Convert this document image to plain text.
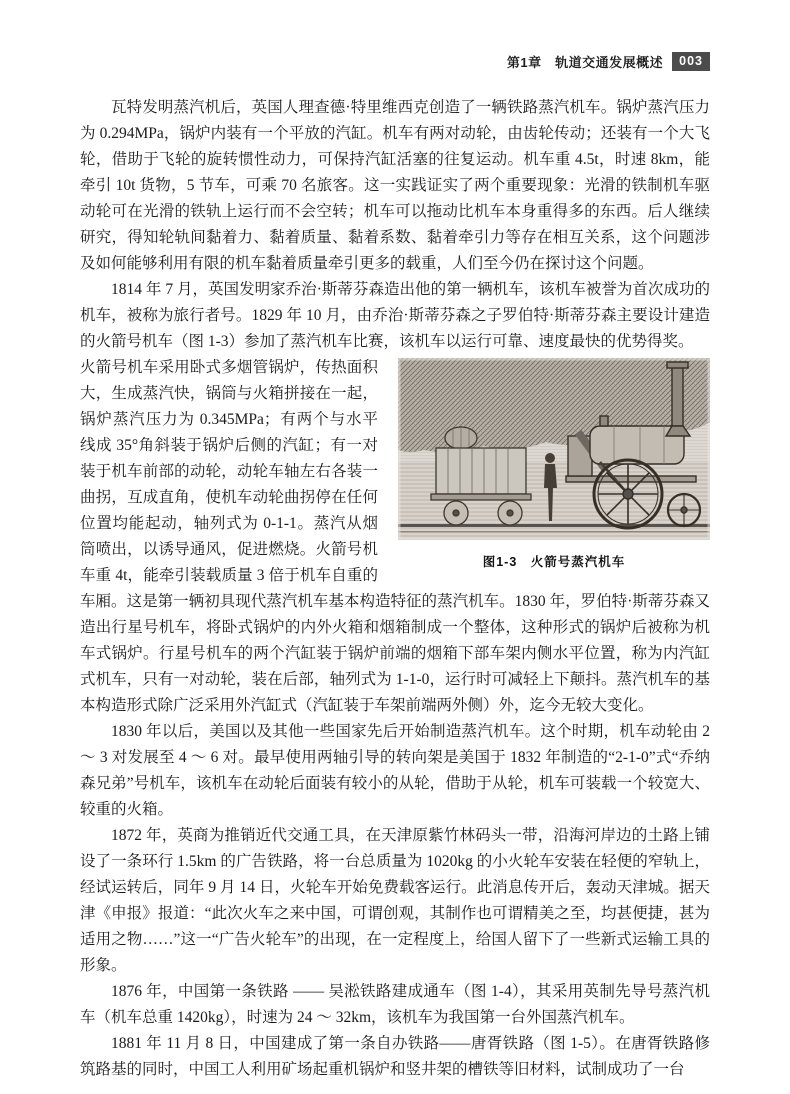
第1章　轨道交通发展概述	003

瓦特发明蒸汽机后，英国人理查德·特里维西克创造了一辆铁路蒸汽机车。锅炉蒸汽压力为 0.294MPa，锅炉内装有一个平放的汽缸。机车有两对动轮，由齿轮传动；还装有一个大飞轮，借助于飞轮的旋转惯性动力，可保持汽缸活塞的往复运动。机车重 4.5t，时速 8km，能牵引 10t 货物，5 节车，可乘 70 名旅客。这一实践证实了两个重要现象：光滑的铁制机车驱动轮可在光滑的铁轨上运行而不会空转；机车可以拖动比机车本身重得多的东西。后人继续研究，得知轮轨间黏着力、黏着质量、黏着系数、黏着牵引力等存在相互关系，这个问题涉及如何能够利用有限的机车黏着质量牵引更多的载重，人们至今仍在探讨这个问题。

1814 年 7 月，英国发明家乔治·斯蒂芬森造出他的第一辆机车，该机车被誉为首次成功的机车，被称为旅行者号。1829 年 10 月，由乔治·斯蒂芬森之子罗伯特·斯蒂芬森主要设计建造的火箭号机车（图 1-3）参加了蒸汽机车比赛，该机车以运行可靠、速度最快的优势得奖。

图1-3　火箭号蒸汽机车

火箭号机车采用卧式多烟管锅炉，传热面积大，生成蒸汽快，锅筒与火箱拼接在一起，锅炉蒸汽压力为 0.345MPa；有两个与水平线成 35°角斜装于锅炉后侧的汽缸；有一对装于机车前部的动轮，动轮车轴左右各装一曲拐，互成直角，使机车动轮曲拐停在任何位置均能起动，轴列式为 0-1-1。蒸汽从烟筒喷出，以诱导通风，促进燃烧。火箭号机车重 4t，能牵引装载质量 3 倍于机车自重的车厢。这是第一辆初具现代蒸汽机车基本构造特征的蒸汽机车。1830 年，罗伯特·斯蒂芬森又造出行星号机车，将卧式锅炉的内外火箱和烟箱制成一个整体，这种形式的锅炉后被称为机车式锅炉。行星号机车的两个汽缸装于锅炉前端的烟箱下部车架内侧水平位置，称为内汽缸式机车，只有一对动轮，装在后部，轴列式为 1-1-0，运行时可减轻上下颠抖。蒸汽机车的基本构造形式除广泛采用外汽缸式（汽缸装于车架前端两外侧）外，迄今无较大变化。

1830 年以后，美国以及其他一些国家先后开始制造蒸汽机车。这个时期，机车动轮由 2 ～ 3 对发展至 4 ～ 6 对。最早使用两轴引导的转向架是美国于 1832 年制造的“2-1-0”式“乔纳森兄弟”号机车，该机车在动轮后面装有较小的从轮，借助于从轮，机车可装载一个较宽大、较重的火箱。

1872 年，英商为推销近代交通工具，在天津原紫竹林码头一带，沿海河岸边的土路上铺设了一条环行 1.5km 的广告铁路，将一台总质量为 1020kg 的小火轮车安装在轻便的窄轨上，经试运转后，同年 9 月 14 日，火轮车开始免费载客运行。此消息传开后，轰动天津城。据天津《申报》报道：“此次火车之来中国，可谓创观，其制作也可谓精美之至，均甚便捷，甚为适用之物……”这一“广告火轮车”的出现，在一定程度上，给国人留下了一些新式运输工具的形象。

1876 年，中国第一条铁路 —— 吴淞铁路建成通车（图 1-4），其采用英制先导号蒸汽机车（机车总重 1420kg），时速为 24 ～ 32km，该机车为我国第一台外国蒸汽机车。

1881 年 11 月 8 日，中国建成了第一条自办铁路——唐胥铁路（图 1-5）。在唐胥铁路修筑路基的同时，中国工人利用矿场起重机锅炉和竖井架的槽铁等旧材料，试制成功了一台
